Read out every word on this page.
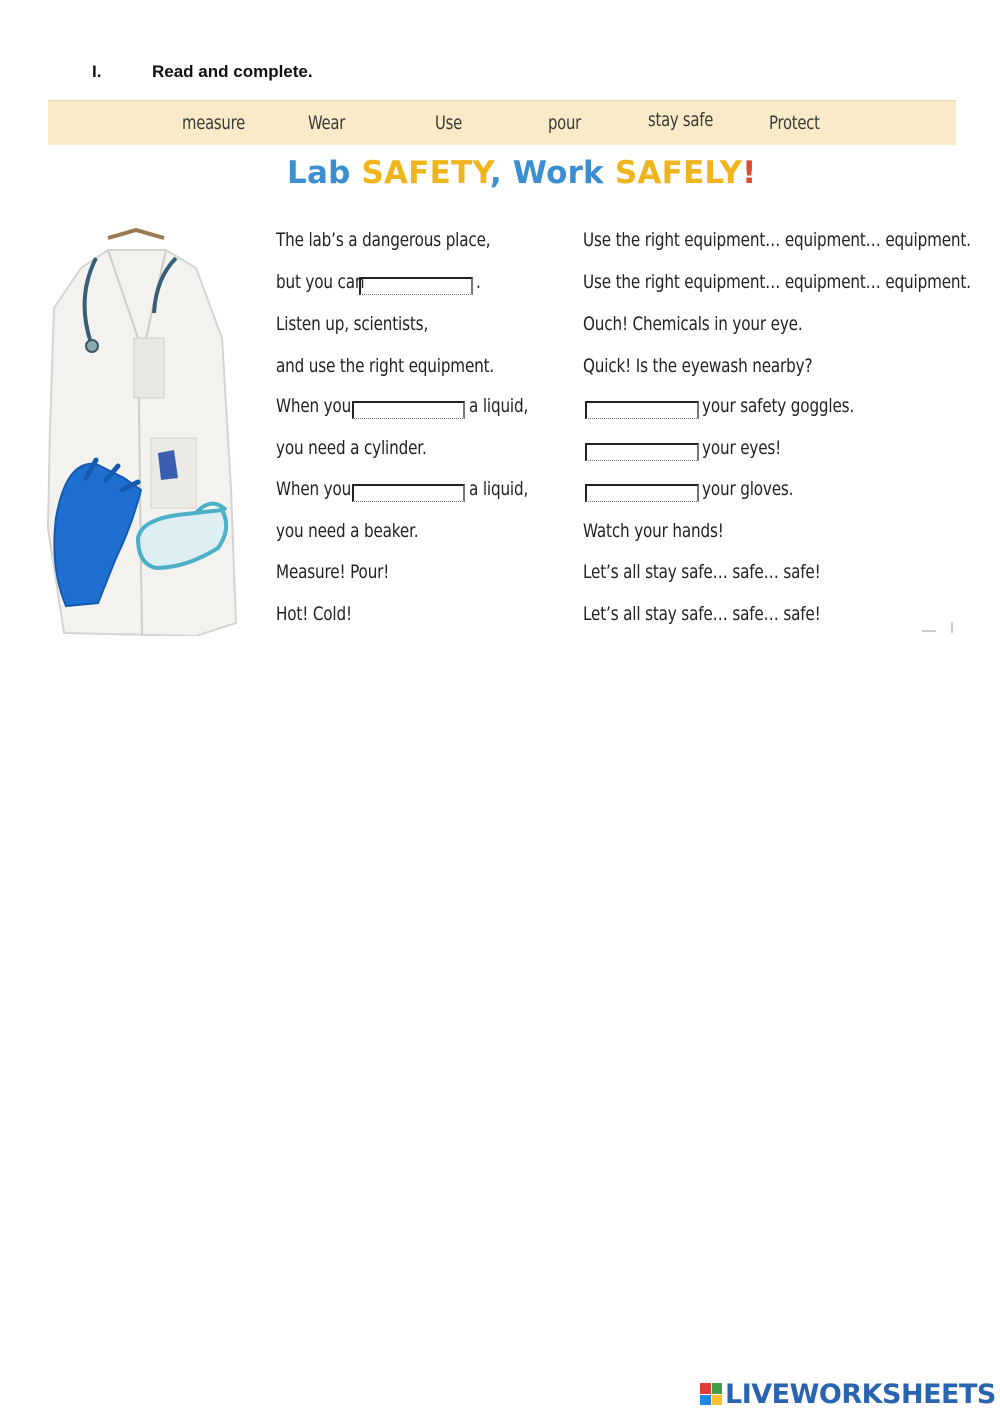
I.	Read and complete.
measure	Wear	Use	pour	stay safe	Protect
Lab SAFETY, Work SAFELY!
The lab’s a dangerous place,
but you can	.
Listen up, scientists,
and use the right equipment.
When you	a liquid,
you need a cylinder.
When you	a liquid,
you need a beaker.
Measure! Pour!
Hot! Cold!
Use the right equipment… equipment… equipment.
Use the right equipment… equipment… equipment.
Ouch! Chemicals in your eye.
Quick! Is the eyewash nearby?
your safety goggles.
your eyes!
your gloves.
Watch your hands!
Let’s all stay safe… safe… safe!
Let’s all stay safe… safe… safe!
LIVEWORKSHEETS
